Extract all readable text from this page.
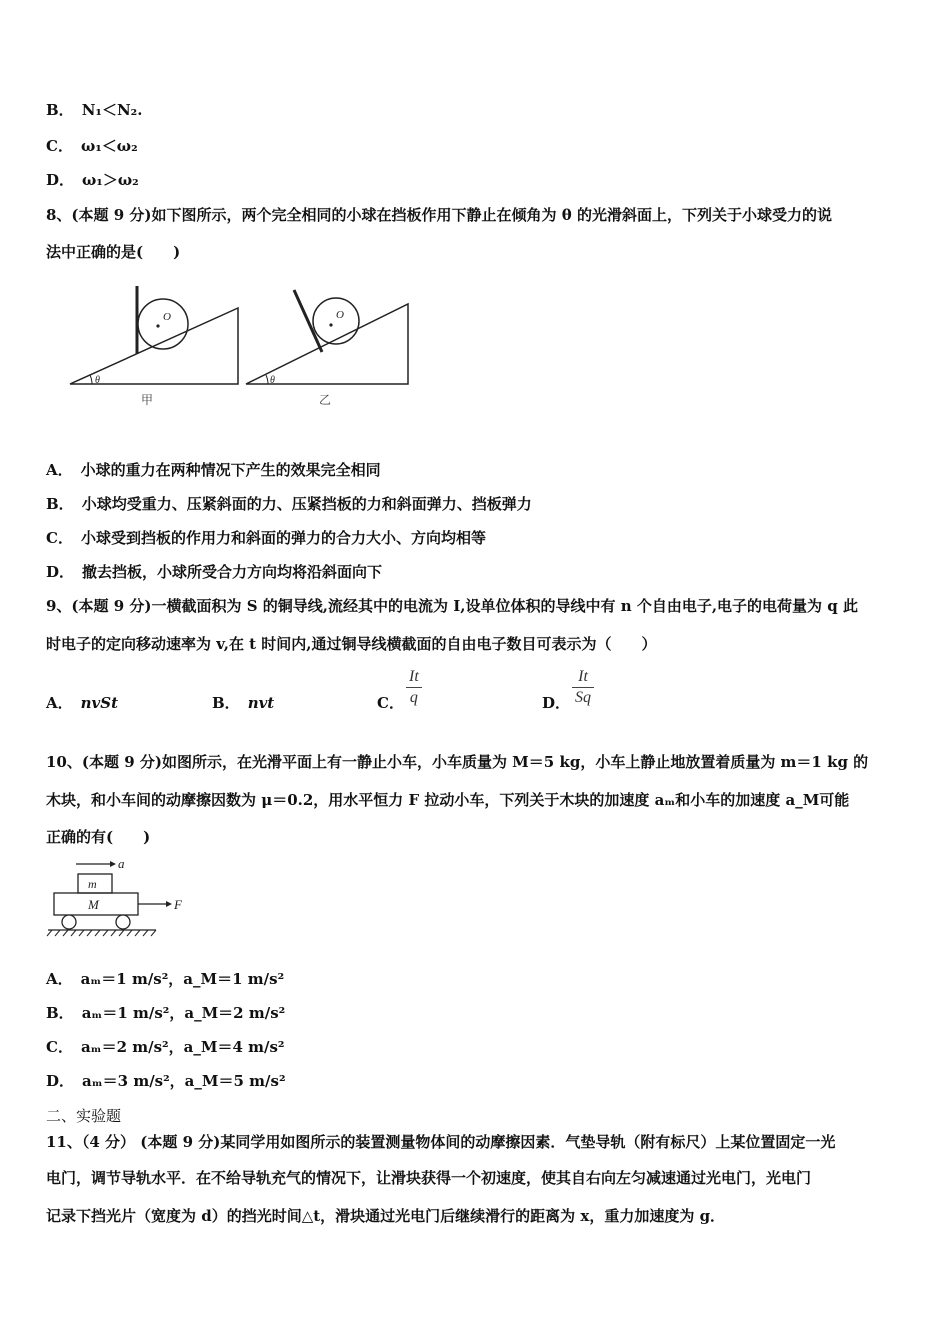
B． N₁＜N₂.
C． ω₁＜ω₂
D． ω₁＞ω₂
8、(本题 9 分)如下图所示，两个完全相同的小球在挡板作用下静止在倾角为 θ 的光滑斜面上，下列关于小球受力的说
法中正确的是(　　)
O
θ
甲
O
θ
乙
A． 小球的重力在两种情况下产生的效果完全相同
B． 小球均受重力、压紧斜面的力、压紧挡板的力和斜面弹力、挡板弹力
C． 小球受到挡板的作用力和斜面的弹力的合力大小、方向均相等
D． 撤去挡板，小球所受合力方向均将沿斜面向下
9、(本题 9 分)一横截面积为 S 的铜导线,流经其中的电流为 I,设单位体积的导线中有 n 个自由电子,电子的电荷量为 q 此
时电子的定向移动速率为 v,在 t 时间内,通过铜导线横截面的自由电子数目可表示为（　　）
A． nvSt	B． nvt	C．
It
q	D．
It
Sq
10、(本题 9 分)如图所示，在光滑平面上有一静止小车，小车质量为 M＝5 kg，小车上静止地放置着质量为 m＝1 kg 的
木块，和小车间的动摩擦因数为 μ＝0.2，用水平恒力 F 拉动小车，下列关于木块的加速度 aₘ和小车的加速度 a_M可能
正确的有(　　)
a
m
M	F
A． aₘ＝1 m/s²，a_M＝1 m/s²
B． aₘ＝1 m/s²，a_M＝2 m/s²
C． aₘ＝2 m/s²，a_M＝4 m/s²
D． aₘ＝3 m/s²，a_M＝5 m/s²
二、实验题
11、（4 分） (本题 9 分)某同学用如图所示的装置测量物体间的动摩擦因素．气垫导轨（附有标尺）上某位置固定一光
电门，调节导轨水平．在不给导轨充气的情况下，让滑块获得一个初速度，使其自右向左匀减速通过光电门，光电门
记录下挡光片（宽度为 d）的挡光时间△t，滑块通过光电门后继续滑行的距离为 x，重力加速度为 g．
